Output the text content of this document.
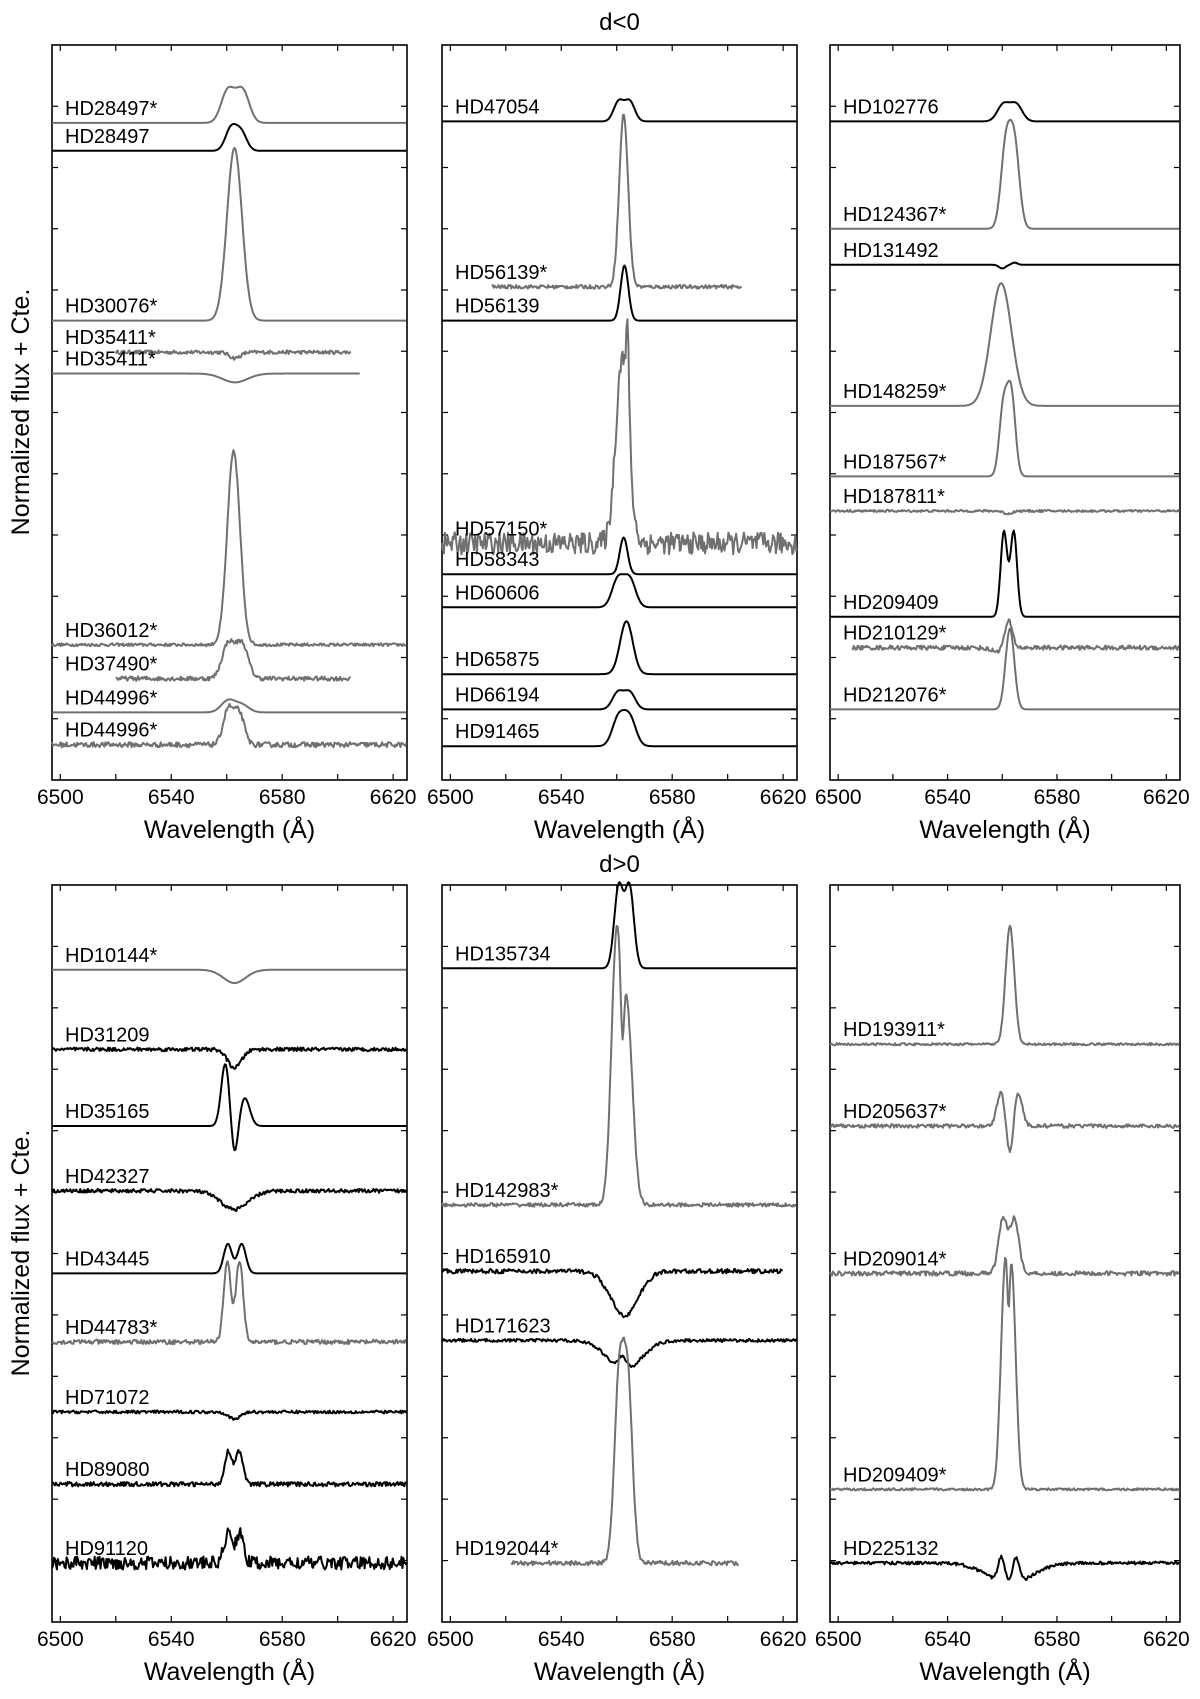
d<0
Normalized flux + Cte.
6500	6540	6580	6620
Wavelength (Å)
HD28497*
HD28497
HD30076*
HD35411*
HD35411*
HD36012*
HD37490*
HD44996*
HD44996*
6500	6540	6580	6620
Wavelength (Å)
HD47054
HD56139*
HD56139
HD57150*
HD58343
HD60606
HD65875
HD66194
HD91465
6500	6540	6580	6620
Wavelength (Å)
HD102776
HD124367*
HD131492
HD148259*
HD187567*
HD187811*
HD209409
HD210129*
HD212076*
d>0
Normalized flux + Cte.
6500	6540	6580	6620
Wavelength (Å)
HD10144*
HD31209
HD35165
HD42327
HD43445
HD44783*
HD71072
HD89080
HD91120
6500	6540	6580	6620
Wavelength (Å)
HD135734
HD142983*
HD165910
HD171623
HD192044*
6500	6540	6580	6620
Wavelength (Å)
HD193911*
HD205637*
HD209014*
HD209409*
HD225132
